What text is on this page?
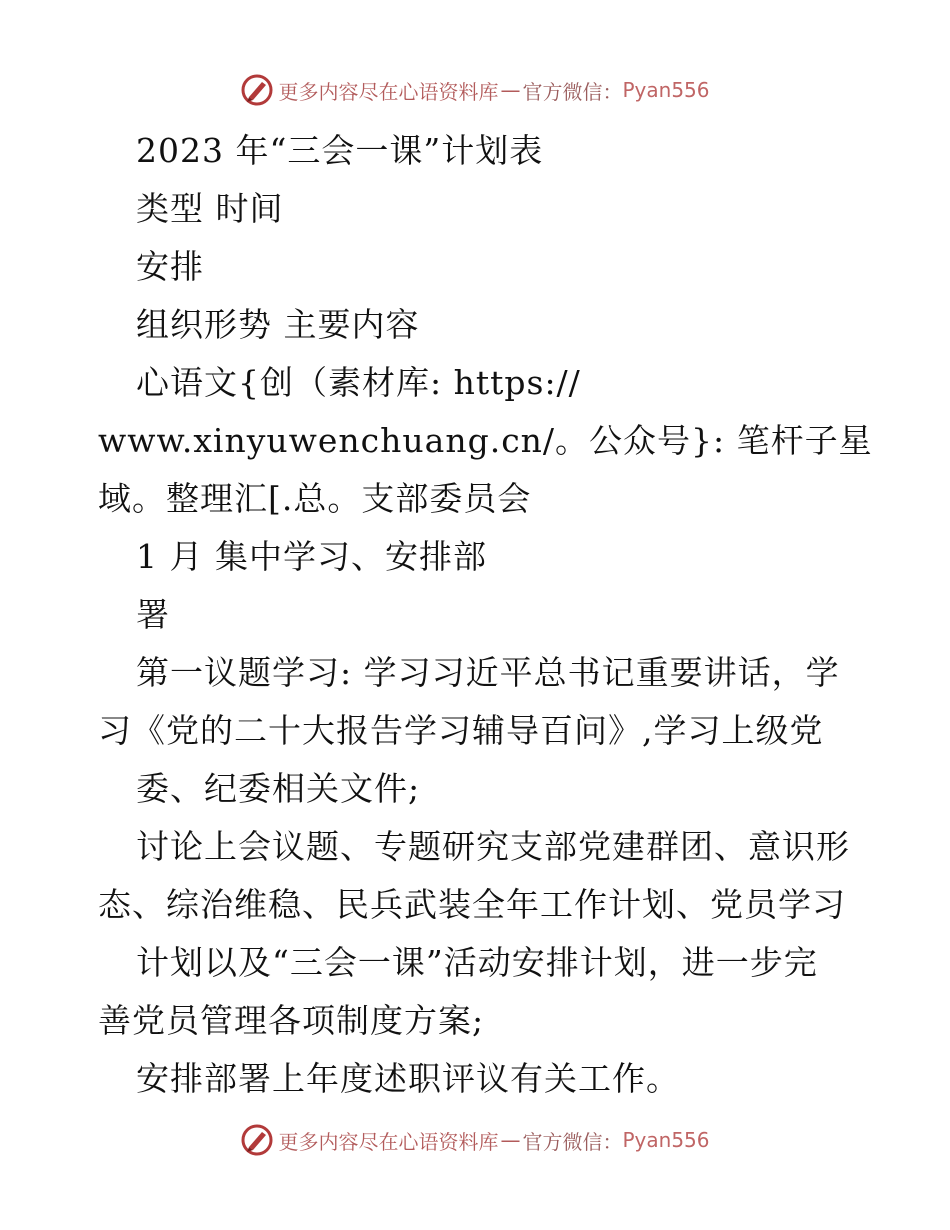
更多内容尽在心语资料库 — 官方微信： Pyan556
2023 年“三会一课”计划表
类型 时间
安排
组织形势 主要内容
心语文{创（素材库: https://
www.xinyuwenchuang.cn/。公众号}: 笔杆子星
域。整理汇[.总。支部委员会
1 月 集中学习、安排部
署
第一议题学习: 学习习近平总书记重要讲话，学
习《党的二十大报告学习辅导百问》,学习上级党
委、纪委相关文件;
讨论上会议题、专题研究支部党建群团、意识形
态、综治维稳、民兵武装全年工作计划、党员学习
计划以及“三会一课”活动安排计划，进一步完
善党员管理各项制度方案;
安排部署上年度述职评议有关工作。
更多内容尽在心语资料库 — 官方微信： Pyan556
